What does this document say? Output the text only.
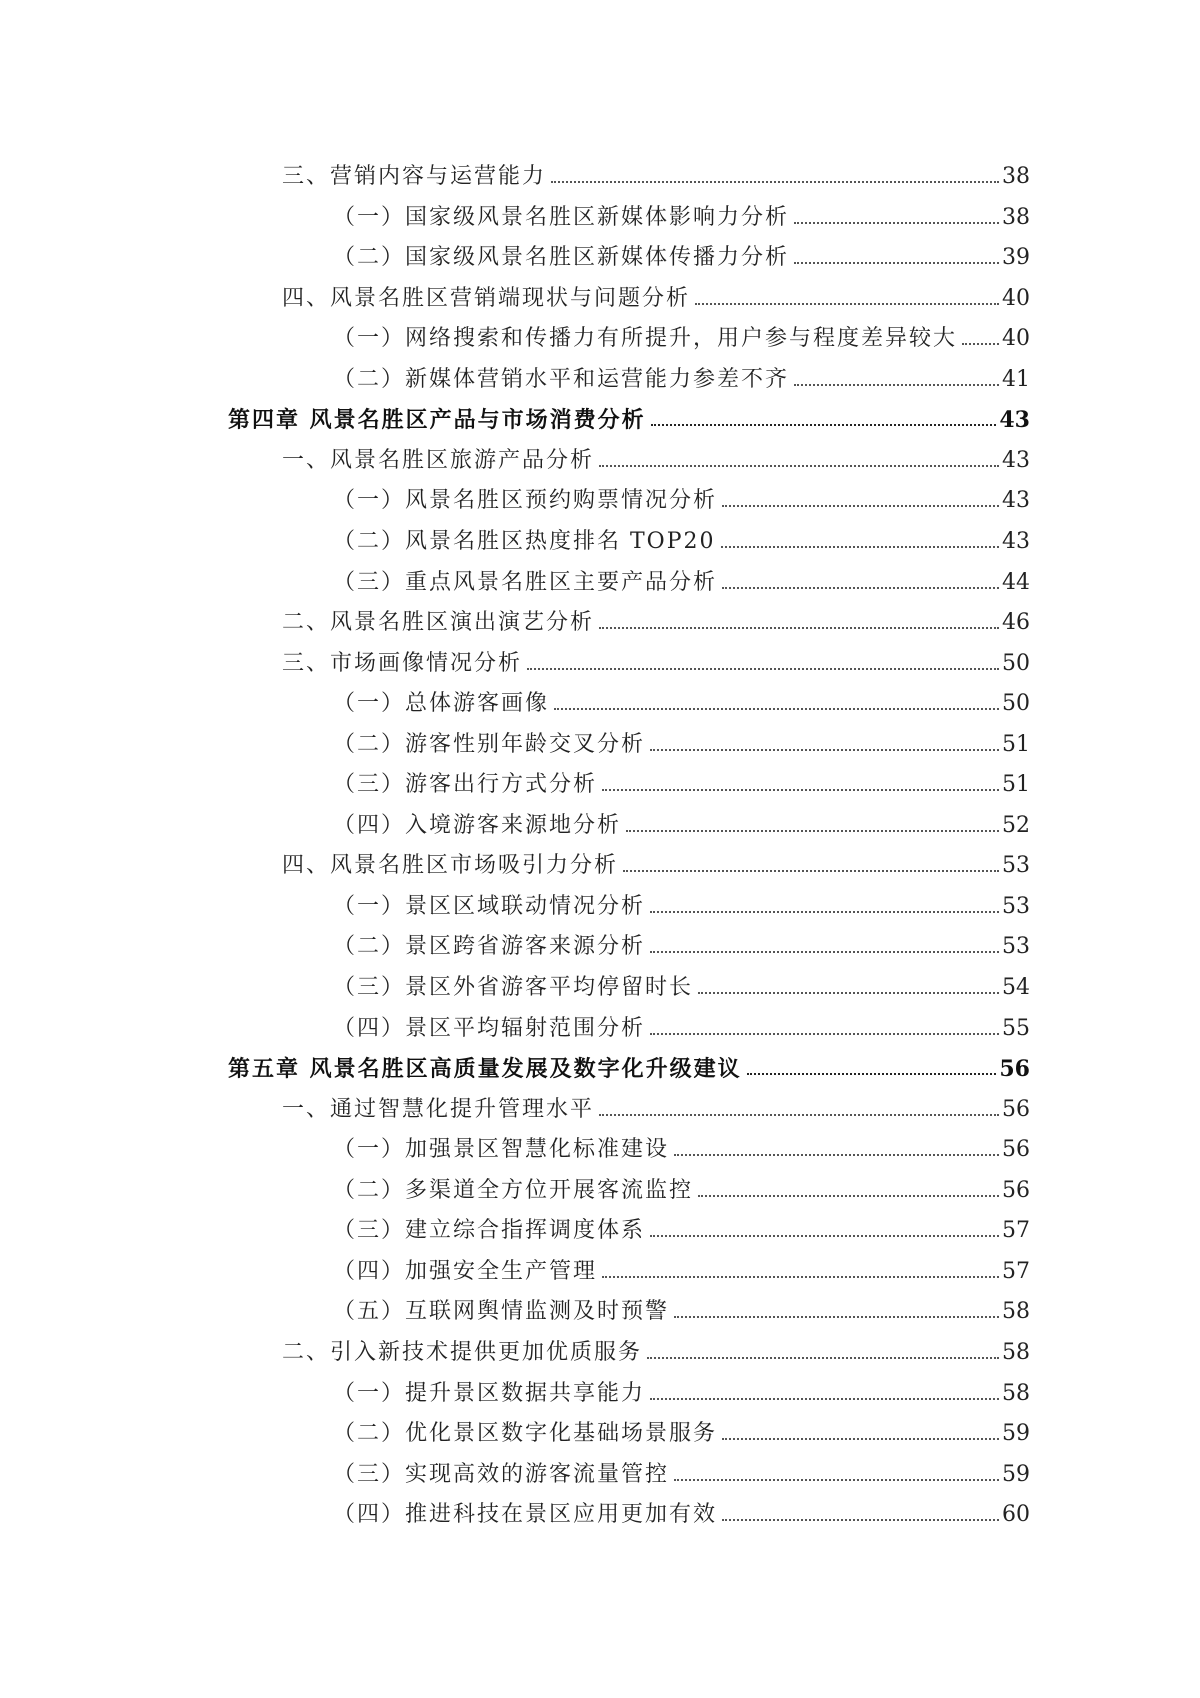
三、营销内容与运营能力	38
（一）国家级风景名胜区新媒体影响力分析	38
（二）国家级风景名胜区新媒体传播力分析	39
四、风景名胜区营销端现状与问题分析	40
（一）网络搜索和传播力有所提升，用户参与程度差异较大 40
（二）新媒体营销水平和运营能力参差不齐	41
第四章 风景名胜区产品与市场消费分析	43
一、风景名胜区旅游产品分析	43
（一）风景名胜区预约购票情况分析	43
（二）风景名胜区热度排名 TOP20	43
（三）重点风景名胜区主要产品分析	44
二、风景名胜区演出演艺分析	46
三、市场画像情况分析	50
（一）总体游客画像	50
（二）游客性别年龄交叉分析	51
（三）游客出行方式分析	51
（四）入境游客来源地分析	52
四、风景名胜区市场吸引力分析	53
（一）景区区域联动情况分析	53
（二）景区跨省游客来源分析	53
（三）景区外省游客平均停留时长	54
（四）景区平均辐射范围分析	55
第五章 风景名胜区高质量发展及数字化升级建议	56
一、通过智慧化提升管理水平	56
（一）加强景区智慧化标准建设	56
（二）多渠道全方位开展客流监控	56
（三）建立综合指挥调度体系	57
（四）加强安全生产管理	57
（五）互联网舆情监测及时预警	58
二、引入新技术提供更加优质服务	58
（一）提升景区数据共享能力	58
（二）优化景区数字化基础场景服务	59
（三）实现高效的游客流量管控	59
（四）推进科技在景区应用更加有效	60
